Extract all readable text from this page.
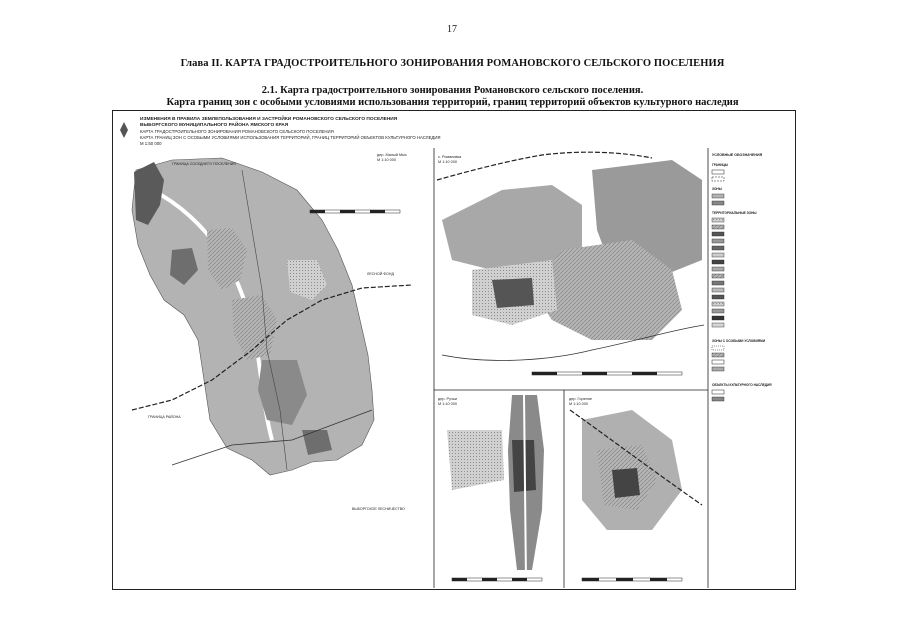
17
Глава II. КАРТА ГРАДОСТРОИТЕЛЬНОГО ЗОНИРОВАНИЯ РОМАНОВСКОГО СЕЛЬСКОГО ПОСЕЛЕНИЯ
2.1. Карта градостроительного зонирования Романовского сельского поселения.
Карта границ зон с особыми условиями использования территорий, границ территорий объектов культурного наследия
ИЗМЕНЕНИЯ В ПРАВИЛА ЗЕМЛЕПОЛЬЗОВАНИЯ И ЗАСТРОЙКИ РОМАНОВСКОГО СЕЛЬСКОГО ПОСЕЛЕНИЯ
ВЫБОРГСКОГО МУНИЦИПАЛЬНОГО РАЙОНА ЯМСКОГО КРАЯ
КАРТА ГРАДОСТРОИТЕЛЬНОГО ЗОНИРОВАНИЯ РОМАНОВСКОГО СЕЛЬСКОГО ПОСЕЛЕНИЯ
КАРТА ГРАНИЦ ЗОН С ОСОБЫМИ УСЛОВИЯМИ ИСПОЛЬЗОВАНИЯ ТЕРРИТОРИЙ, ГРАНИЦ ТЕРРИТОРИЙ ОБЪЕКТОВ КУЛЬТУРНОГО НАСЛЕДИЯ
М 1:50 000
ГРАНИЦА СОСЕДНЕГО ПОСЕЛЕНИЯ
ЛЕСНОЙ ФОНД
ГРАНИЦА РАЙОНА
ВЫБОРГСКОЕ ЛЕСНИЧЕСТВО
дер. Малый Мыс
М 1:10 000
с. Романовка
М 1:10 000
дер. Ручьи
М 1:10 000
дер. Горелое
М 1:10 000
УСЛОВНЫЕ ОБОЗНАЧЕНИЯ
ГРАНИЦЫ
ЗОНЫ
ТЕРРИТОРИАЛЬНЫЕ ЗОНЫ
ЗОНЫ С ОСОБЫМИ УСЛОВИЯМИ
ОБЪЕКТЫ КУЛЬТУРНОГО НАСЛЕДИЯ
